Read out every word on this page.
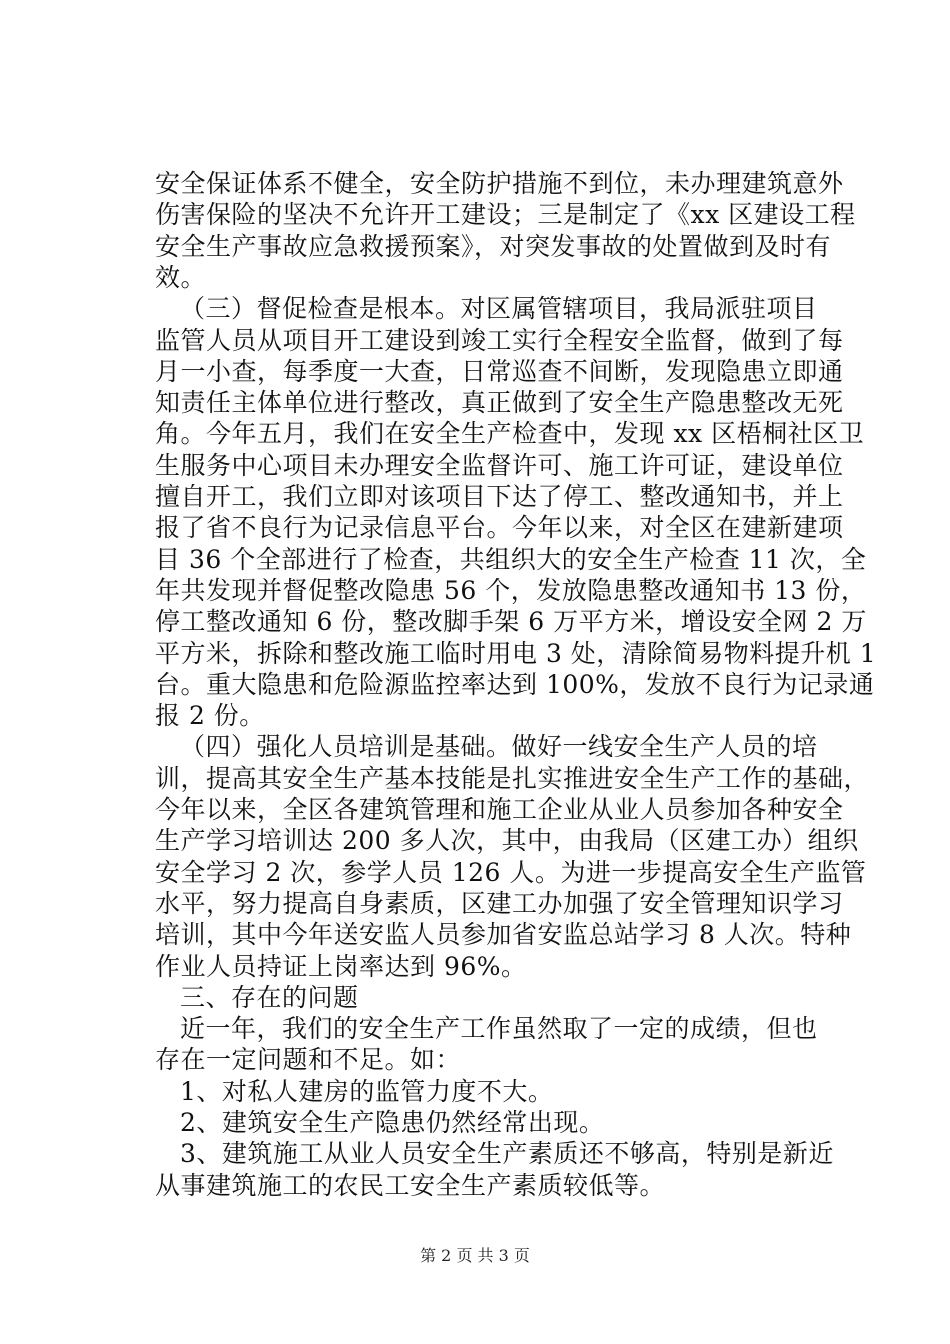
安全保证体系不健全，安全防护措施不到位，未办理建筑意外
伤害保险的坚决不允许开工建设；三是制定了《xx 区建设工程
安全生产事故应急救援预案》，对突发事故的处置做到及时有
效。
（三）督促检查是根本。对区属管辖项目，我局派驻项目
监管人员从项目开工建设到竣工实行全程安全监督，做到了每
月一小查，每季度一大查，日常巡查不间断，发现隐患立即通
知责任主体单位进行整改，真正做到了安全生产隐患整改无死
角。今年五月，我们在安全生产检查中，发现 xx 区梧桐社区卫
生服务中心项目未办理安全监督许可、施工许可证，建设单位
擅自开工，我们立即对该项目下达了停工、整改通知书，并上
报了省不良行为记录信息平台。今年以来，对全区在建新建项
目 36 个全部进行了检查，共组织大的安全生产检查 11 次，全
年共发现并督促整改隐患 56 个，发放隐患整改通知书 13 份，
停工整改通知 6 份，整改脚手架 6 万平方米，增设安全网 2 万
平方米，拆除和整改施工临时用电 3 处，清除简易物料提升机 1
台。重大隐患和危险源监控率达到 100%，发放不良行为记录通
报 2 份。
（四）强化人员培训是基础。做好一线安全生产人员的培
训，提高其安全生产基本技能是扎实推进安全生产工作的基础，
今年以来，全区各建筑管理和施工企业从业人员参加各种安全
生产学习培训达 200 多人次，其中，由我局（区建工办）组织
安全学习 2 次，参学人员 126 人。为进一步提高安全生产监管
水平，努力提高自身素质，区建工办加强了安全管理知识学习
培训，其中今年送安监人员参加省安监总站学习 8 人次。特种
作业人员持证上岗率达到 96%。
三、存在的问题
近一年，我们的安全生产工作虽然取了一定的成绩，但也
存在一定问题和不足。如：
1、对私人建房的监管力度不大。
2、建筑安全生产隐患仍然经常出现。
3、建筑施工从业人员安全生产素质还不够高，特别是新近
从事建筑施工的农民工安全生产素质较低等。
第 2 页 共 3 页
